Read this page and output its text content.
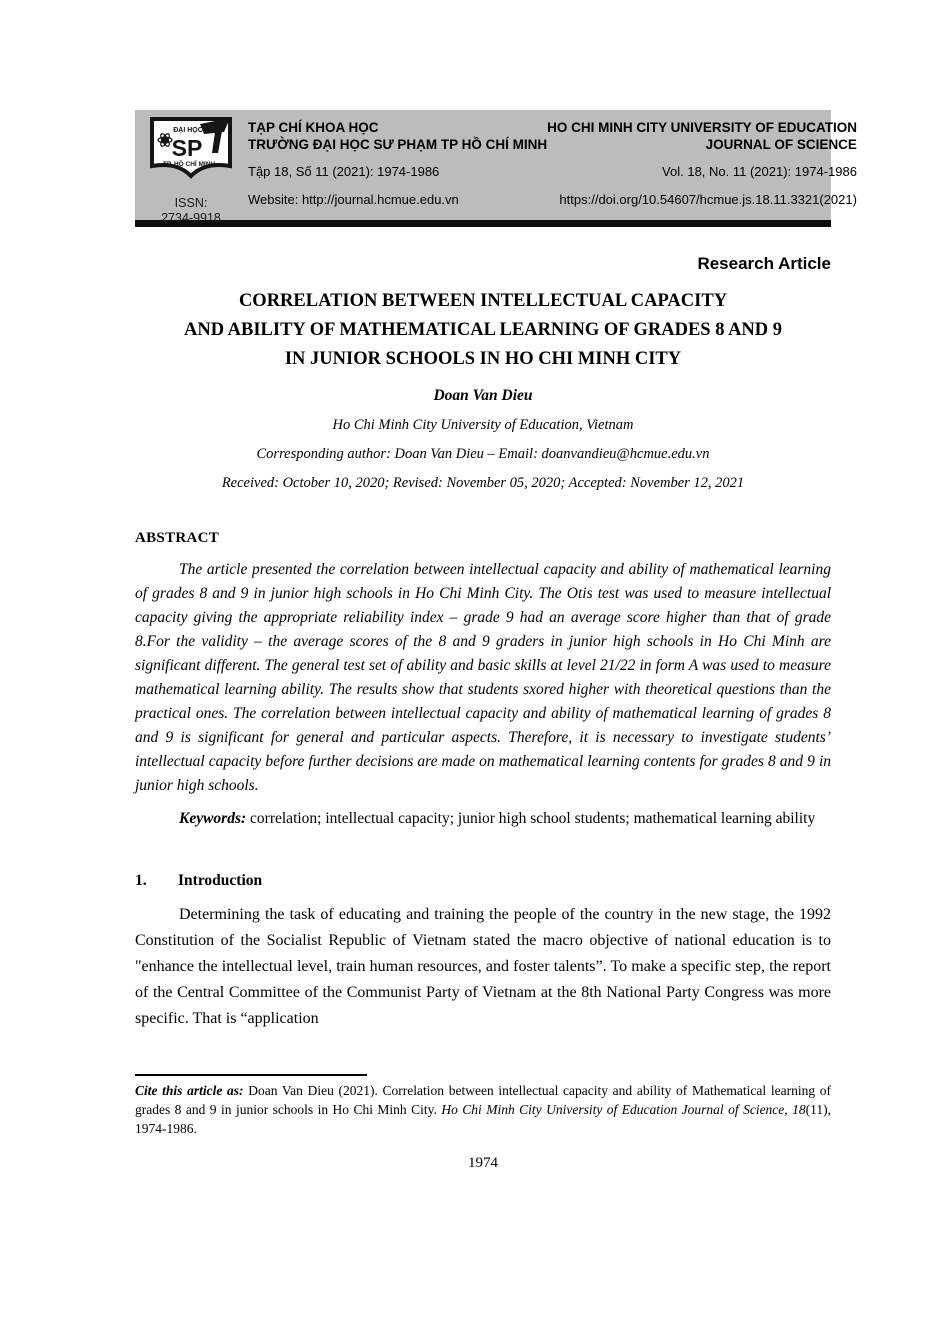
ĐẠI HỌC
SP
TP. HỒ CHÍ MINH
ISSN:
2734-9918
TẠP CHÍ KHOA HỌC
TRƯỜNG ĐẠI HỌC SƯ PHẠM TP HỒ CHÍ MINH
HO CHI MINH CITY UNIVERSITY OF EDUCATION
JOURNAL OF SCIENCE
Tập 18, Số 11 (2021): 1974-1986	Vol. 18, No. 11 (2021): 1974-1986
Website: http://journal.hcmue.edu.vn	https://doi.org/10.54607/hcmue.js.18.11.3321(2021)
Research Article
CORRELATION BETWEEN INTELLECTUAL CAPACITY
AND ABILITY OF MATHEMATICAL LEARNING OF GRADES 8 AND 9
IN JUNIOR SCHOOLS IN HO CHI MINH CITY
Doan Van Dieu
Ho Chi Minh City University of Education, Vietnam
Corresponding author: Doan Van Dieu – Email: doanvandieu@hcmue.edu.vn
Received: October 10, 2020; Revised: November 05, 2020; Accepted: November 12, 2021
ABSTRACT

The article presented the correlation between intellectual capacity and ability of mathematical learning of grades 8 and 9 in junior high schools in Ho Chi Minh City. The Otis test was used to measure intellectual capacity giving the appropriate reliability index – grade 9 had an average score higher than that of grade 8.For the validity – the average scores of the 8 and 9 graders in junior high schools in Ho Chi Minh are significant different. The general test set of ability and basic skills at level 21/22 in form A was used to measure mathematical learning ability. The results show that students sxored higher with theoretical questions than the practical ones. The correlation between intellectual capacity and ability of mathematical learning of grades 8 and 9 is significant for general and particular aspects. Therefore, it is necessary to investigate students’ intellectual capacity before further decisions are made on mathematical learning contents for grades 8 and 9 in junior high schools.

Keywords: correlation; intellectual capacity; junior high school students; mathematical learning ability

1. Introduction

Determining the task of educating and training the people of the country in the new stage, the 1992 Constitution of the Socialist Republic of Vietnam stated the macro objective of national education is to "enhance the intellectual level, train human resources, and foster talents”. To make a specific step, the report of the Central Committee of the Communist Party of Vietnam at the 8th National Party Congress was more specific. That is “application

Cite this article as: Doan Van Dieu (2021). Correlation between intellectual capacity and ability of Mathematical learning of grades 8 and 9 in junior schools in Ho Chi Minh City. Ho Chi Minh City University of Education Journal of Science, 18(11), 1974-1986.

1974
